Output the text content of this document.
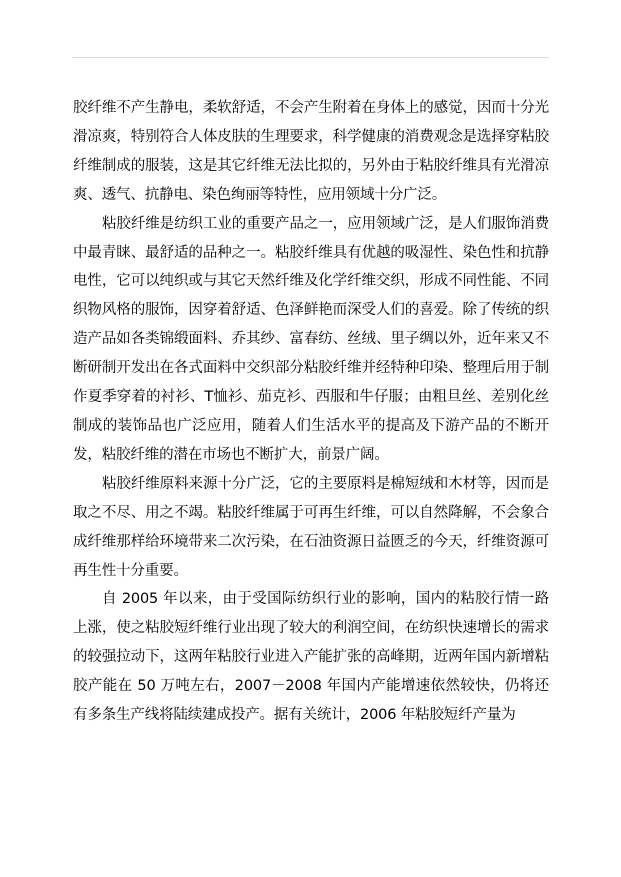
胶纤维不产生静电，柔软舒适，不会产生附着在身体上的感觉，因而十分光滑凉爽，特别符合人体皮肤的生理要求，科学健康的消费观念是选择穿粘胶纤维制成的服装，这是其它纤维无法比拟的，另外由于粘胶纤维具有光滑凉爽、透气、抗静电、染色绚丽等特性，应用领域十分广泛。

粘胶纤维是纺织工业的重要产品之一，应用领域广泛，是人们服饰消费中最青睐、最舒适的品种之一。粘胶纤维具有优越的吸湿性、染色性和抗静电性，它可以纯织或与其它天然纤维及化学纤维交织，形成不同性能、不同织物风格的服饰，因穿着舒适、色泽鲜艳而深受人们的喜爱。除了传统的织造产品如各类锦缎面料、乔其纱、富春纺、丝绒、里子绸以外，近年来又不断研制开发出在各式面料中交织部分粘胶纤维并经特种印染、整理后用于制作夏季穿着的衬衫、T恤衫、茄克衫、西服和牛仔服；由粗旦丝、差别化丝制成的装饰品也广泛应用，随着人们生活水平的提高及下游产品的不断开发，粘胶纤维的潜在市场也不断扩大，前景广阔。

粘胶纤维原料来源十分广泛，它的主要原料是棉短绒和木材等，因而是取之不尽、用之不竭。粘胶纤维属于可再生纤维，可以自然降解，不会象合成纤维那样给环境带来二次污染，在石油资源日益匮乏的今天，纤维资源可再生性十分重要。

自 2005 年以来，由于受国际纺织行业的影响，国内的粘胶行情一路上涨，使之粘胶短纤维行业出现了较大的利润空间，在纺织快速增长的需求的较强拉动下，这两年粘胶行业进入产能扩张的高峰期，近两年国内新增粘胶产能在 50 万吨左右，2007－2008 年国内产能增速依然较快，仍将还有多条生产线将陆续建成投产。据有关统计，2006 年粘胶短纤产量为
